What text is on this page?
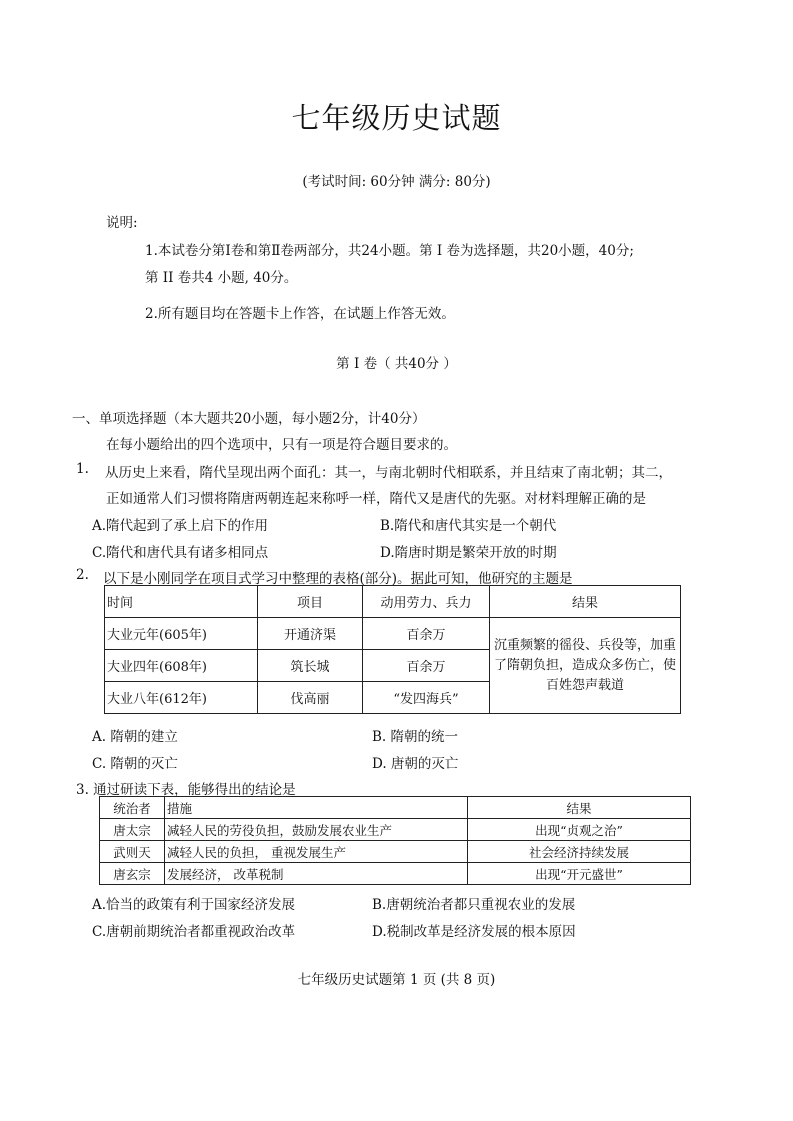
七年级历史试题
(考试时间: 60分钟 满分: 80分)
说明:
1.本试卷分第I卷和第Ⅱ卷两部分，共24小题。第 I 卷为选择题，共20小题，40分;
第 II 卷共4 小题, 40分。
2.所有题目均在答题卡上作答，在试题上作答无效。
第 I 卷（ 共40分 ）
一、单项选择题（本大题共20小题，每小题2分，计40分）
在每小题给出的四个选项中，只有一项是符合题目要求的。
1. 从历史上来看，隋代呈现出两个面孔：其一，与南北朝时代相联系，并且结束了南北朝；其二，
正如通常人们习惯将隋唐两朝连起来称呼一样，隋代又是唐代的先驱。对材料理解正确的是
A.隋代起到了承上启下的作用	B.隋代和唐代其实是一个朝代
C.隋代和唐代具有诸多相同点	D.隋唐时期是繁荣开放的时期
2. 以下是小刚同学在项目式学习中整理的表格(部分)。据此可知，他研究的主题是
时间	项目	动用劳力、兵力	结果
大业元年(605年)	开通济渠	百余万	沉重频繁的徭役、兵役等，加重了隋朝负担，造成众多伤亡，使百姓怨声载道
大业四年(608年)	筑长城	百余万	
大业八年(612年)	伐高丽	“发四海兵”	
A. 隋朝的建立	B. 隋朝的统一
C. 隋朝的灭亡	D. 唐朝的灭亡
3. 通过研读下表，能够得出的结论是
统治者	措施	结果
唐太宗	减轻人民的劳役负担，鼓励发展农业生产	出现“贞观之治”
武则天	减轻人民的负担， 重视发展生产	社会经济持续发展
唐玄宗	发展经济， 改革税制	出现“开元盛世”
A.恰当的政策有利于国家经济发展	B.唐朝统治者都只重视农业的发展
C.唐朝前期统治者都重视政治改革	D.税制改革是经济发展的根本原因
七年级历史试题第 1 页 (共 8 页)
